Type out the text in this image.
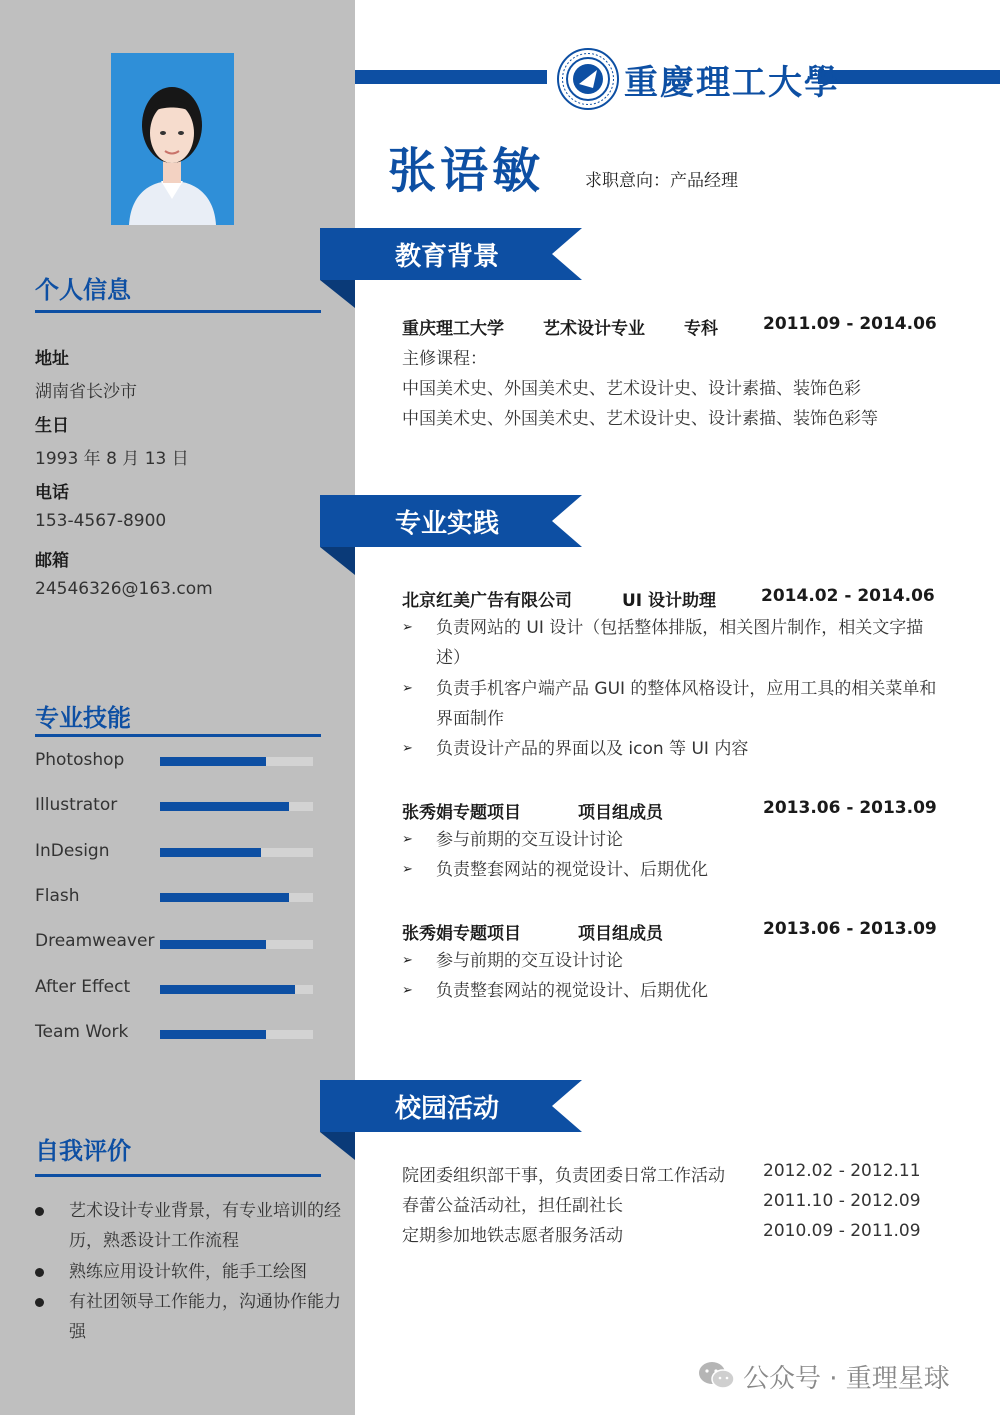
个人信息
地址
湖南省长沙市
生日
1993 年 8 月 13 日
电话
153-4567-8900
邮箱
24546326@163.com
专业技能
Photoshop
Illustrator
InDesign
Flash
Dreamweaver
After Effect
Team Work
自我评价
艺术设计专业背景，有专业培训的经历，熟悉设计工作流程
熟练应用设计软件，能手工绘图
有社团领导工作能力，沟通协作能力强
重慶理工大學
张语敏 求职意向：产品经理
教育背景
重庆理工大学 艺术设计专业 专科	2011.09 - 2014.06
主修课程：
中国美术史、外国美术史、艺术设计史、设计素描、装饰色彩
中国美术史、外国美术史、艺术设计史、设计素描、装饰色彩等
专业实践
北京红美广告有限公司	UI 设计助理	2014.02 - 2014.06
➢	负责网站的 UI 设计（包括整体排版，相关图片制作，相关文字描述）
➢	负责手机客户端产品 GUI 的整体风格设计，应用工具的相关菜单和界面制作
➢	负责设计产品的界面以及 icon 等 UI 内容
张秀娟专题项目	项目组成员	2013.06 - 2013.09
➢	参与前期的交互设计讨论
➢	负责整套网站的视觉设计、后期优化
张秀娟专题项目	项目组成员	2013.06 - 2013.09
➢	参与前期的交互设计讨论
➢	负责整套网站的视觉设计、后期优化
校园活动
院团委组织部干事，负责团委日常工作活动 2012.02 - 2012.11
春蕾公益活动社，担任副社长	2011.10 - 2012.09
定期参加地铁志愿者服务活动	2010.09 - 2011.09
公众号 · 重理星球
